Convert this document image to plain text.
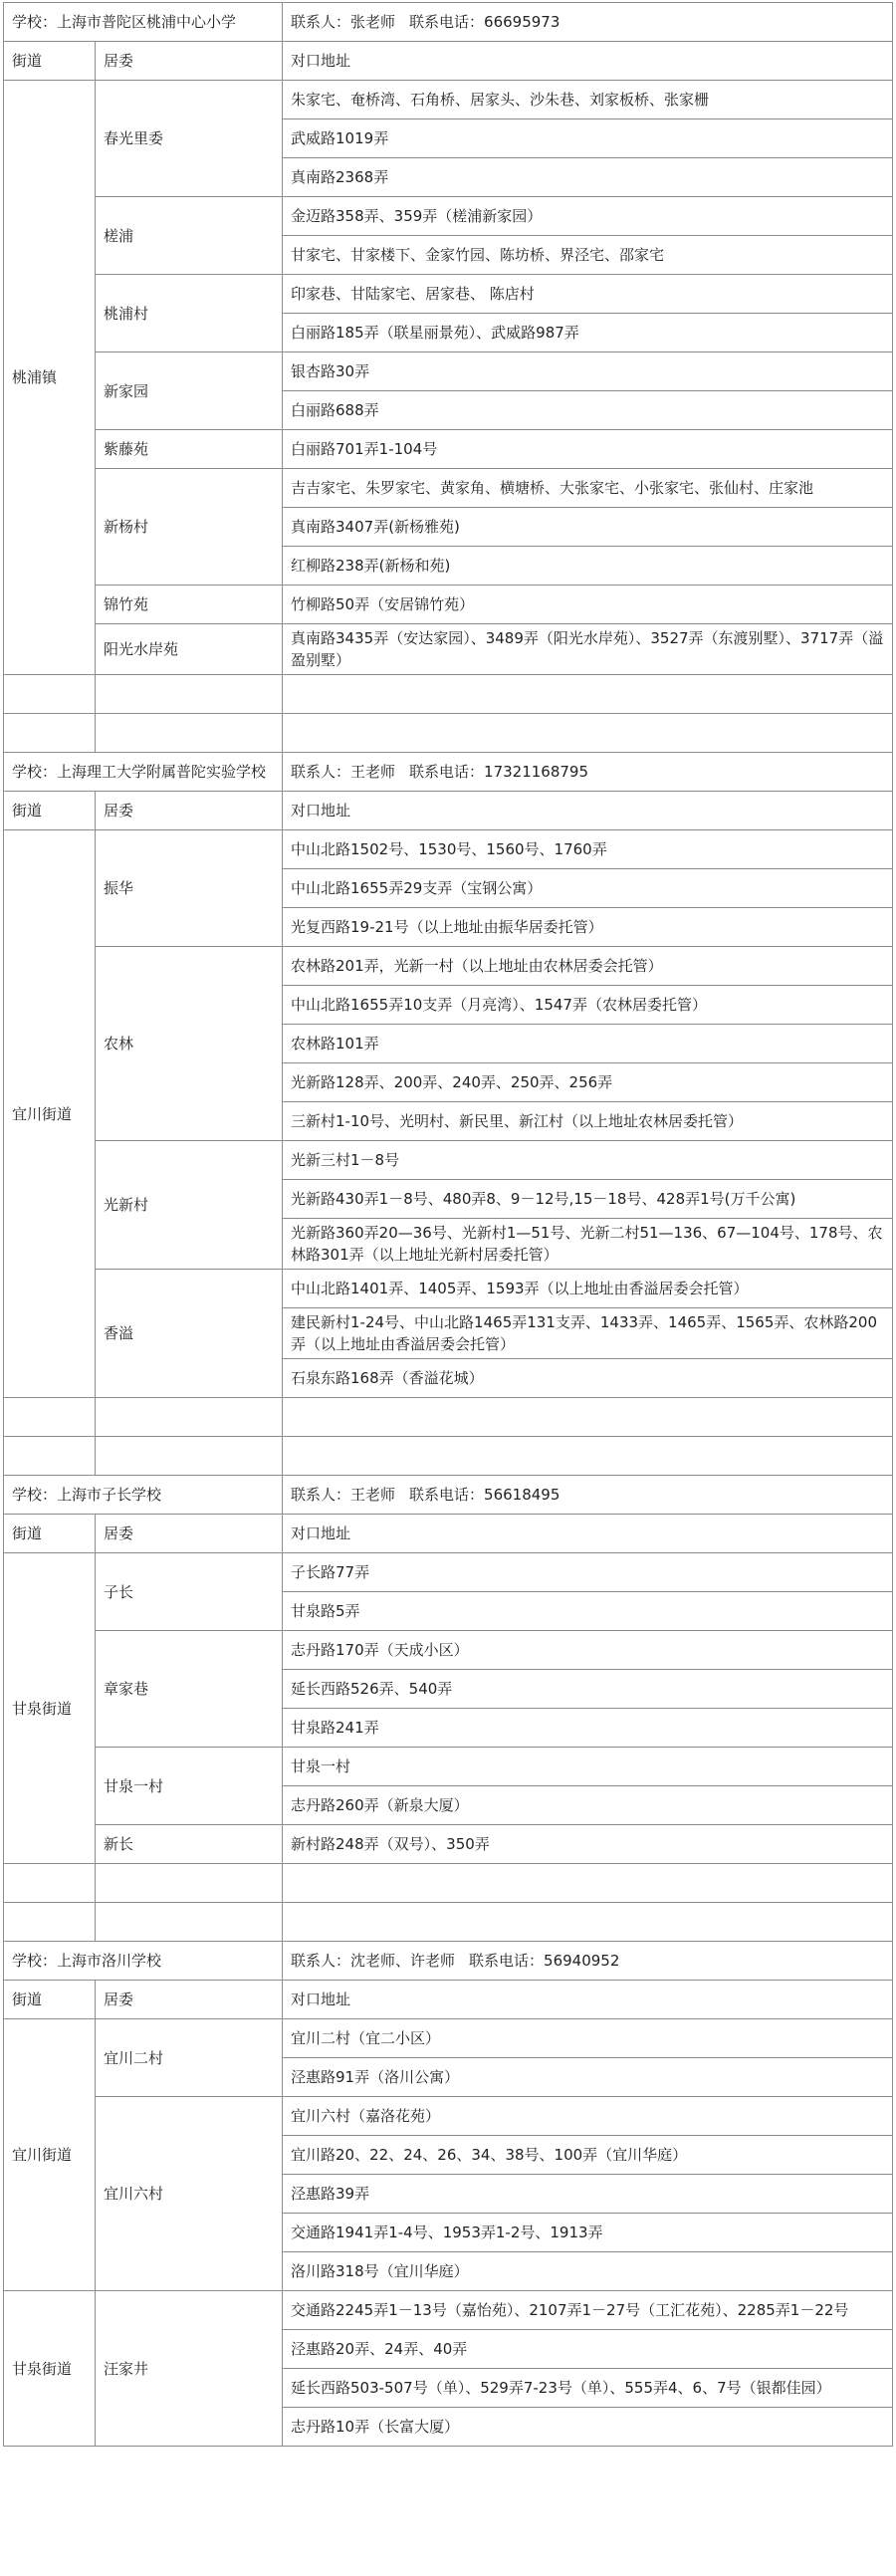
学校：上海市普陀区桃浦中心小学		联系人：张老师 联系电话：66695973
街道	居委	对口地址
桃浦镇	春光里委	朱家宅、奄桥湾、石角桥、居家头、沙朱巷、刘家板桥、张家栅
		武威路1019弄
		真南路2368弄
	槎浦	金迈路358弄、359弄（槎浦新家园）
		甘家宅、甘家楼下、金家竹园、陈坊桥、界泾宅、邵家宅
	桃浦村	印家巷、甘陆家宅、居家巷、 陈店村
		白丽路185弄（联星丽景苑）、武威路987弄
	新家园	银杏路30弄
		白丽路688弄
	紫藤苑	白丽路701弄1-104号
	新杨村	吉吉家宅、朱罗家宅、黄家角、横塘桥、大张家宅、小张家宅、张仙村、庄家池
		真南路3407弄(新杨雅苑)
		红柳路238弄(新杨和苑)
	锦竹苑	竹柳路50弄（安居锦竹苑）
	阳光水岸苑	真南路3435弄（安达家园）、3489弄（阳光水岸苑）、3527弄（东渡别墅）、3717弄（溢盈别墅）

学校：上海理工大学附属普陀实验学校		联系人：王老师 联系电话：17321168795
街道	居委	对口地址
宜川街道	振华	中山北路1502号、1530号、1560号、1760弄
		中山北路1655弄29支弄（宝钢公寓）
		光复西路19-21号（以上地址由振华居委托管）
	农林	农林路201弄，光新一村（以上地址由农林居委会托管）
		中山北路1655弄10支弄（月亮湾）、1547弄（农林居委托管）
		农林路101弄
		光新路128弄、200弄、240弄、250弄、256弄
		三新村1-10号、光明村、新民里、新江村（以上地址农林居委托管）
	光新村	光新三村1－8号
		光新路430弄1－8号、480弄8、9－12号,15－18号、428弄1号(万千公寓)
		光新路360弄20—36号、光新村1—51号、光新二村51—136、67—104号、178号、农林路301弄（以上地址光新村居委托管）
	香溢	中山北路1401弄、1405弄、1593弄（以上地址由香溢居委会托管）
		建民新村1-24号、中山北路1465弄131支弄、1433弄、1465弄、1565弄、农林路200弄（以上地址由香溢居委会托管）
		石泉东路168弄（香溢花城）

学校：上海市子长学校		联系人：王老师 联系电话：56618495
街道	居委	对口地址
甘泉街道	子长	子长路77弄
		甘泉路5弄
	章家巷	志丹路170弄（天成小区）
		延长西路526弄、540弄
		甘泉路241弄
	甘泉一村	甘泉一村
		志丹路260弄（新泉大厦）
	新长	新村路248弄（双号）、350弄

学校：上海市洛川学校		联系人：沈老师、许老师 联系电话：56940952
街道	居委	对口地址
宜川街道	宜川二村	宜川二村（宜二小区）
		泾惠路91弄（洛川公寓）
	宜川六村	宜川六村（嘉洛花苑）
		宜川路20、22、24、26、34、38号、100弄（宜川华庭）
		泾惠路39弄
		交通路1941弄1-4号、1953弄1-2号、1913弄
		洛川路318号（宜川华庭）
甘泉街道	汪家井	交通路2245弄1－13号（嘉怡苑）、2107弄1－27号（工汇花苑）、2285弄1－22号
		泾惠路20弄、24弄、40弄
		延长西路503-507号（单）、529弄7-23号（单）、555弄4、6、7号（银都佳园）
		志丹路10弄（长富大厦）
